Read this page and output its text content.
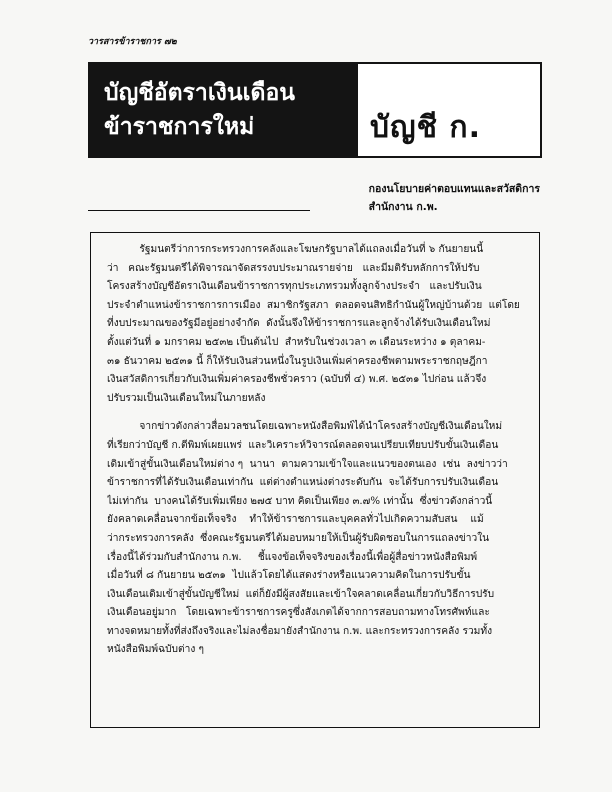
วารสารข้าราชการ ๗๒
บัญชีอัตราเงินเดือน
ข้าราชการใหม่	บัญชี ก.
กองนโยบายค่าตอบแทนและสวัสดิการ
สำนักงาน ก.พ.

รัฐมนตรีว่าการกระทรวงการคลังและโฆษกรัฐบาลได้แถลงเมื่อวันที่ ๖ กันยายนนี้
ว่า   คณะรัฐมนตรีได้พิจารณาจัดสรรงบประมาณรายจ่าย   และมีมติรับหลักการให้ปรับ
โครงสร้างบัญชีอัตราเงินเดือนข้าราชการทุกประเภทรวมทั้งลูกจ้างประจำ   และปรับเงิน
ประจำตำแหน่งข้าราชการการเมือง  สมาชิกรัฐสภา  ตลอดจนสิทธิกำนันผู้ใหญ่บ้านด้วย  แต่โดย
ที่งบประมาณของรัฐมีอยู่อย่างจำกัด  ดังนั้นจึงให้ข้าราชการและลูกจ้างได้รับเงินเดือนใหม่
ตั้งแต่วันที่ ๑ มกราคม ๒๕๓๒ เป็นต้นไป  สำหรับในช่วงเวลา ๓ เดือนระหว่าง ๑ ตุลาคม-
๓๑ ธันวาคม ๒๕๓๑ นี้ ก็ให้รับเงินส่วนหนึ่งในรูปเงินเพิ่มค่าครองชีพตามพระราชกฤษฎีกา
เงินสวัสดิการเกี่ยวกับเงินเพิ่มค่าครองชีพชั่วคราว (ฉบับที่ ๔) พ.ศ. ๒๕๓๑ ไปก่อน แล้วจึง
ปรับรวมเป็นเงินเดือนใหม่ในภายหลัง

จากข่าวดังกล่าวสื่อมวลชนโดยเฉพาะหนังสือพิมพ์ได้นำโครงสร้างบัญชีเงินเดือนใหม่
ที่เรียกว่าบัญชี ก.ตีพิมพ์เผยแพร่  และวิเคราะห์วิจารณ์ตลอดจนเปรียบเทียบปรับขั้นเงินเดือน
เดิมเข้าสู่ขั้นเงินเดือนใหม่ต่าง ๆ  นานา  ตามความเข้าใจและแนวของตนเอง  เช่น  ลงข่าวว่า
ข้าราชการที่ได้รับเงินเดือนเท่ากัน  แต่ต่างตำแหน่งต่างระดับกัน  จะได้รับการปรับเงินเดือน
ไม่เท่ากัน  บางคนได้รับเพิ่มเพียง ๒๗๕ บาท คิดเป็นเพียง ๓.๗% เท่านั้น  ซึ่งข่าวดังกล่าวนี้
ยังคลาดเคลื่อนจากข้อเท็จจริง    ทำให้ข้าราชการและบุคคลทั่วไปเกิดความสับสน    แม้
ว่ากระทรวงการคลัง  ซึ่งคณะรัฐมนตรีได้มอบหมายให้เป็นผู้รับผิดชอบในการแถลงข่าวใน
เรื่องนี้ได้ร่วมกับสำนักงาน ก.พ.     ชี้แจงข้อเท็จจริงของเรื่องนี้เพื่อผู้สื่อข่าวหนังสือพิมพ์
เมื่อวันที่ ๘ กันยายน ๒๕๓๑  ไปแล้วโดยได้แสดงร่างหรือแนวความคิดในการปรับขั้น
เงินเดือนเดิมเข้าสู่ขั้นบัญชีใหม่  แต่ก็ยังมีผู้สงสัยและเข้าใจคลาดเคลื่อนเกี่ยวกับวิธีการปรับ
เงินเดือนอยู่มาก   โดยเฉพาะข้าราชการครูซึ่งสังเกตได้จากการสอบถามทางโทรศัพท์และ
ทางจดหมายทั้งที่ส่งถึงจริงและไม่ลงชื่อมายังสำนักงาน ก.พ. และกระทรวงการคลัง รวมทั้ง
หนังสือพิมพ์ฉบับต่าง ๆ
